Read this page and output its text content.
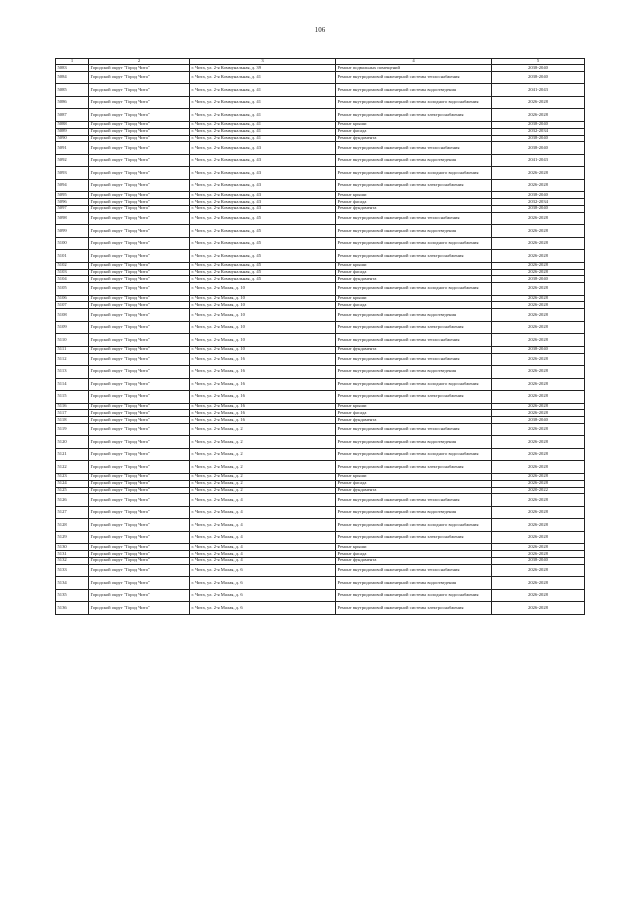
106
1	2	3	4	5
5083	Городской округ "Город Чита"	г. Чита, ул. 2-я Коммунальная, д. 39	Ремонт подвальных помещений	2038-2040
5084	Городской округ "Город Чита"	г. Чита, ул. 2-я Коммунальная, д. 41	Ремонт внутридомовой инженерной системы теплоснабжения	2038-2040
5085	Городской округ "Город Чита"	г. Чита, ул. 2-я Коммунальная, д. 41	Ремонт внутридомовой инженерной системы водоотведения	2041-2043
5086	Городской округ "Город Чита"	г. Чита, ул. 2-я Коммунальная, д. 41	Ремонт внутридомовой инженерной системы холодного водоснабжения	2026-2028
5087	Городской округ "Город Чита"	г. Чита, ул. 2-я Коммунальная, д. 41	Ремонт внутридомовой инженерной системы электроснабжения	2026-2028
5088	Городской округ "Город Чита"	г. Чита, ул. 2-я Коммунальная, д. 41	Ремонт крыши	2038-2040
5089	Городской округ "Город Чита"	г. Чита, ул. 2-я Коммунальная, д. 41	Ремонт фасада	2032-2034
5090	Городской округ "Город Чита"	г. Чита, ул. 2-я Коммунальная, д. 41	Ремонт фундамента	2038-2040
5091	Городской округ "Город Чита"	г. Чита, ул. 2-я Коммунальная, д. 43	Ремонт внутридомовой инженерной системы теплоснабжения	2038-2040
5092	Городской округ "Город Чита"	г. Чита, ул. 2-я Коммунальная, д. 43	Ремонт внутридомовой инженерной системы водоотведения	2041-2043
5093	Городской округ "Город Чита"	г. Чита, ул. 2-я Коммунальная, д. 43	Ремонт внутридомовой инженерной системы холодного водоснабжения	2026-2028
5094	Городской округ "Город Чита"	г. Чита, ул. 2-я Коммунальная, д. 43	Ремонт внутридомовой инженерной системы электроснабжения	2026-2028
5095	Городской округ "Город Чита"	г. Чита, ул. 2-я Коммунальная, д. 43	Ремонт крыши	2038-2040
5096	Городской округ "Город Чита"	г. Чита, ул. 2-я Коммунальная, д. 43	Ремонт фасада	2032-2034
5097	Городской округ "Город Чита"	г. Чита, ул. 2-я Коммунальная, д. 43	Ремонт фундамента	2038-2040
5098	Городской округ "Город Чита"	г. Чита, ул. 2-я Коммунальная, д. 45	Ремонт внутридомовой инженерной системы теплоснабжения	2026-2028
5099	Городской округ "Город Чита"	г. Чита, ул. 2-я Коммунальная, д. 45	Ремонт внутридомовой инженерной системы водоотведения	2026-2028
5100	Городской округ "Город Чита"	г. Чита, ул. 2-я Коммунальная, д. 45	Ремонт внутридомовой инженерной системы холодного водоснабжения	2026-2028
5101	Городской округ "Город Чита"	г. Чита, ул. 2-я Коммунальная, д. 45	Ремонт внутридомовой инженерной системы электроснабжения	2026-2028
5102	Городской округ "Город Чита"	г. Чита, ул. 2-я Коммунальная, д. 45	Ремонт крыши	2026-2028
5103	Городской округ "Город Чита"	г. Чита, ул. 2-я Коммунальная, д. 45	Ремонт фасада	2026-2028
5104	Городской округ "Город Чита"	г. Чита, ул. 2-я Коммунальная, д. 45	Ремонт фундамента	2038-2040
5105	Городской округ "Город Чита"	г. Чита, ул. 2-я Малая, д. 10	Ремонт внутридомовой инженерной системы холодного водоснабжения	2026-2028
5106	Городской округ "Город Чита"	г. Чита, ул. 2-я Малая, д. 10	Ремонт крыши	2026-2028
5107	Городской округ "Город Чита"	г. Чита, ул. 2-я Малая, д. 10	Ремонт фасада	2026-2028
5108	Городской округ "Город Чита"	г. Чита, ул. 2-я Малая, д. 10	Ремонт внутридомовой инженерной системы водоотведения	2026-2028
5109	Городской округ "Город Чита"	г. Чита, ул. 2-я Малая, д. 10	Ремонт внутридомовой инженерной системы электроснабжения	2026-2028
5110	Городской округ "Город Чита"	г. Чита, ул. 2-я Малая, д. 10	Ремонт внутридомовой инженерной системы теплоснабжения	2026-2028
5111	Городской округ "Город Чита"	г. Чита, ул. 2-я Малая, д. 10	Ремонт фундамента	2038-2040
5112	Городской округ "Город Чита"	г. Чита, ул. 2-я Малая, д. 16	Ремонт внутридомовой инженерной системы теплоснабжения	2026-2028
5113	Городской округ "Город Чита"	г. Чита, ул. 2-я Малая, д. 16	Ремонт внутридомовой инженерной системы водоотведения	2026-2028
5114	Городской округ "Город Чита"	г. Чита, ул. 2-я Малая, д. 16	Ремонт внутридомовой инженерной системы холодного водоснабжения	2026-2028
5115	Городской округ "Город Чита"	г. Чита, ул. 2-я Малая, д. 16	Ремонт внутридомовой инженерной системы электроснабжения	2026-2028
5116	Городской округ "Город Чита"	г. Чита, ул. 2-я Малая, д. 16	Ремонт крыши	2026-2028
5117	Городской округ "Город Чита"	г. Чита, ул. 2-я Малая, д. 16	Ремонт фасада	2026-2028
5118	Городской округ "Город Чита"	г. Чита, ул. 2-я Малая, д. 16	Ремонт фундамента	2038-2040
5119	Городской округ "Город Чита"	г. Чита, ул. 2-я Малая, д. 2	Ремонт внутридомовой инженерной системы теплоснабжения	2026-2028
5120	Городской округ "Город Чита"	г. Чита, ул. 2-я Малая, д. 2	Ремонт внутридомовой инженерной системы водоотведения	2026-2028
5121	Городской округ "Город Чита"	г. Чита, ул. 2-я Малая, д. 2	Ремонт внутридомовой инженерной системы холодного водоснабжения	2026-2028
5122	Городской округ "Город Чита"	г. Чита, ул. 2-я Малая, д. 2	Ремонт внутридомовой инженерной системы электроснабжения	2026-2028
5123	Городской округ "Город Чита"	г. Чита, ул. 2-я Малая, д. 2	Ремонт крыши	2026-2028
5124	Городской округ "Город Чита"	г. Чита, ул. 2-я Малая, д. 2	Ремонт фасада	2026-2028
5125	Городской округ "Город Чита"	г. Чита, ул. 2-я Малая, д. 2	Ремонт фундамента	2020-2022
5126	Городской округ "Город Чита"	г. Чита, ул. 2-я Малая, д. 4	Ремонт внутридомовой инженерной системы теплоснабжения	2026-2028
5127	Городской округ "Город Чита"	г. Чита, ул. 2-я Малая, д. 4	Ремонт внутридомовой инженерной системы водоотведения	2026-2028
5128	Городской округ "Город Чита"	г. Чита, ул. 2-я Малая, д. 4	Ремонт внутридомовой инженерной системы холодного водоснабжения	2026-2028
5129	Городской округ "Город Чита"	г. Чита, ул. 2-я Малая, д. 4	Ремонт внутридомовой инженерной системы электроснабжения	2026-2028
5130	Городской округ "Город Чита"	г. Чита, ул. 2-я Малая, д. 4	Ремонт крыши	2026-2028
5131	Городской округ "Город Чита"	г. Чита, ул. 2-я Малая, д. 4	Ремонт фасада	2026-2028
5132	Городской округ "Город Чита"	г. Чита, ул. 2-я Малая, д. 4	Ремонт фундамента	2038-2040
5133	Городской округ "Город Чита"	г. Чита, ул. 2-я Малая, д. 6	Ремонт внутридомовой инженерной системы теплоснабжения	2026-2028
5134	Городской округ "Город Чита"	г. Чита, ул. 2-я Малая, д. 6	Ремонт внутридомовой инженерной системы водоотведения	2026-2028
5135	Городской округ "Город Чита"	г. Чита, ул. 2-я Малая, д. 6	Ремонт внутридомовой инженерной системы холодного водоснабжения	2026-2028
5136	Городской округ "Город Чита"	г. Чита, ул. 2-я Малая, д. 6	Ремонт внутридомовой инженерной системы электроснабжения	2026-2028
